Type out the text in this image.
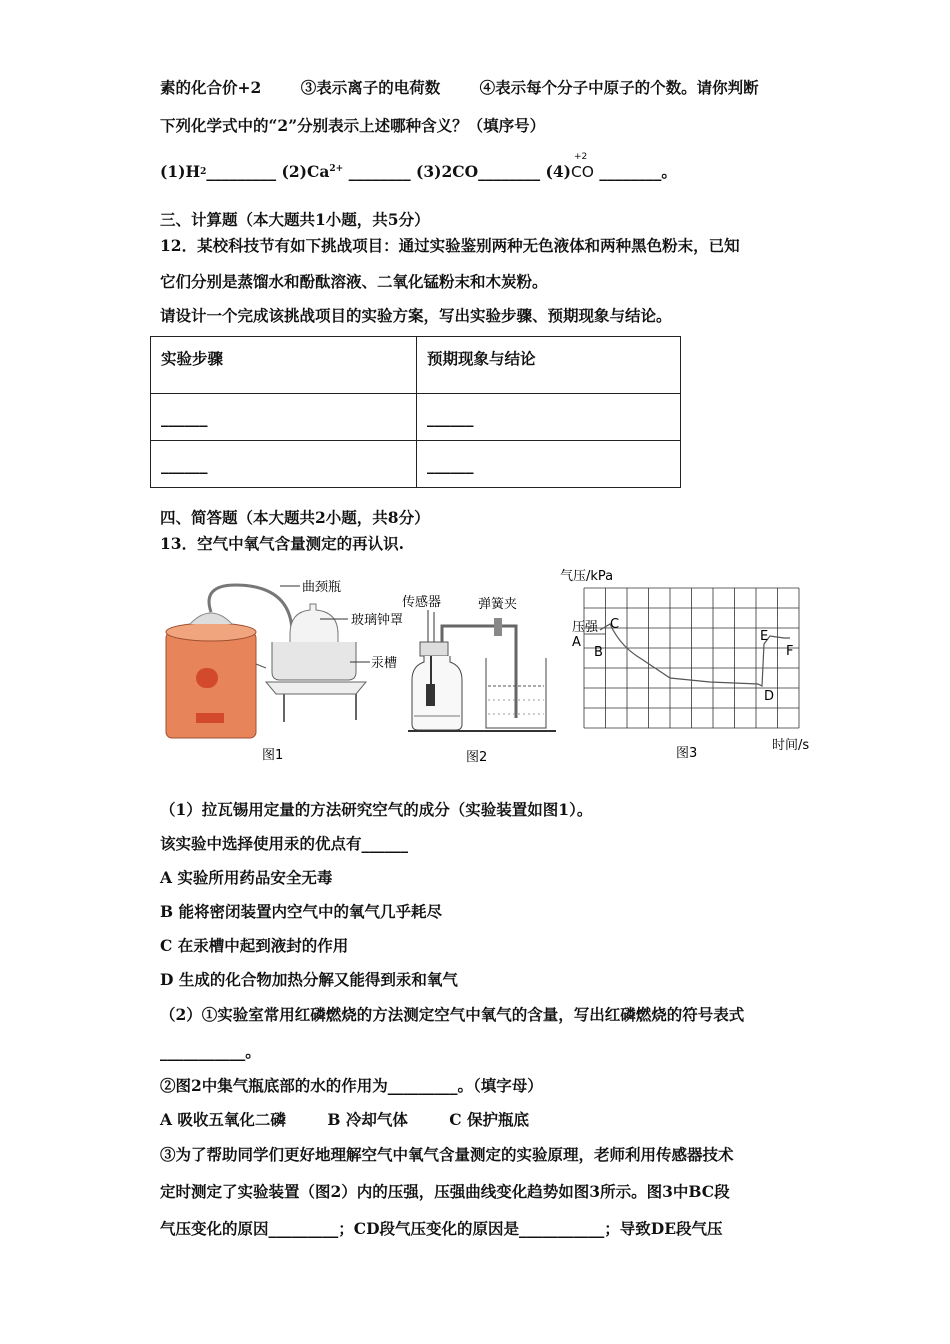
素的化合价+2	③表示离子的电荷数	④表示每个分子中原子的个数。请你判断
下列化学式中的“2”分别表示上述哪种含义？（填序号）
(1)H2_________ $(2)Ca^{2+}$ ________ (3)2CO________ (4)
+2
CO ________。
三、计算题（本大题共1小题，共5分）
12．某校科技节有如下挑战项目：通过实验鉴别两种无色液体和两种黑色粉末，已知
它们分别是蒸馏水和酚酞溶液、二氧化锰粉末和木炭粉。
请设计一个完成该挑战项目的实验方案，写出实验步骤、预期现象与结论。
实验步骤	预期现象与结论
______	______
______	______
四、简答题（本大题共2小题，共8分）
13．空气中氧气含量测定的再认识.
曲颈瓶
玻璃钟罩
汞槽
图1
传感器	弹簧夹
图2
气压/kPa
压强
A
B
C
D
E
F
时间/s
图3
（1）拉瓦锡用定量的方法研究空气的成分（实验装置如图1）。
该实验中选择使用汞的优点有______
A 实验所用药品安全无毒
B 能将密闭装置内空气中的氧气几乎耗尽
C 在汞槽中起到液封的作用
D 生成的化合物加热分解又能得到汞和氧气
（2）①实验室常用红磷燃烧的方法测定空气中氧气的含量，写出红磷燃烧的符号表式
___________。
②图2中集气瓶底部的水的作用为_________。（填字母）
A 吸收五氧化二磷	B 冷却气体	C 保护瓶底
③为了帮助同学们更好地理解空气中氧气含量测定的实验原理，老师利用传感器技术
定时测定了实验装置（图2）内的压强，压强曲线变化趋势如图3所示。图3中BC段
气压变化的原因_________；CD段气压变化的原因是___________；导致DE段气压
